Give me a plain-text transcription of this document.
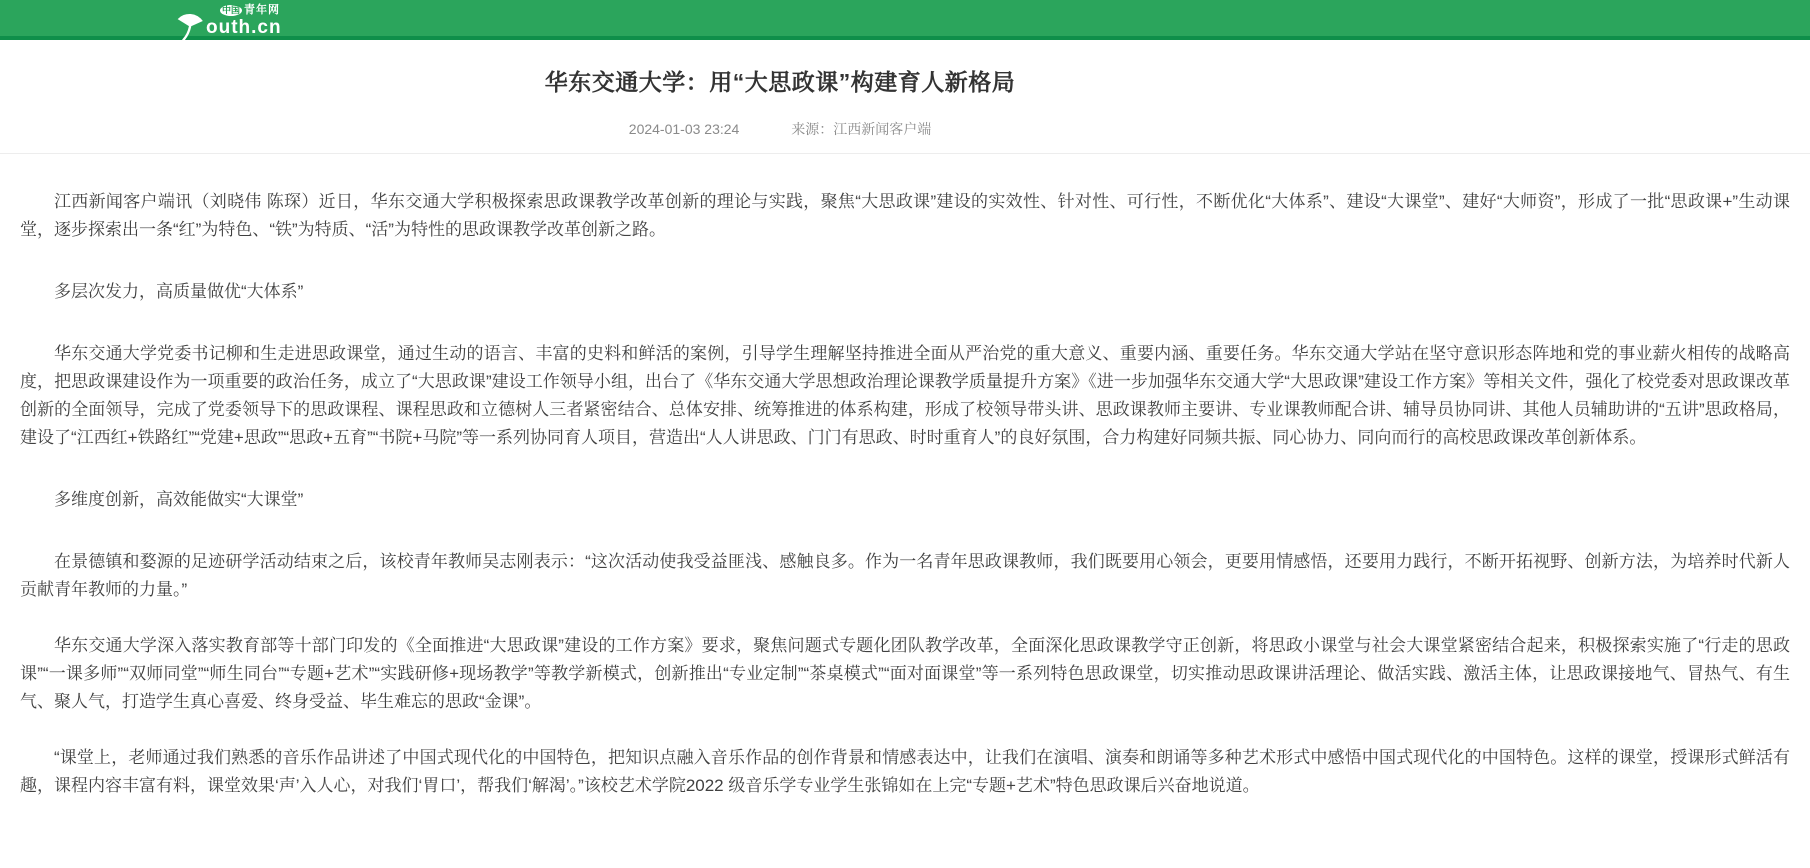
中国 青年网
outh.cn
华东交通大学：用“大思政课”构建育人新格局
2024-01-03 23:24	来源：江西新闻客户端

江西新闻客户端讯（刘晓伟 陈琛）近日，华东交通大学积极探索思政课教学改革创新的理论与实践，聚焦“大思政课”建设的实效性、针对性、可行性，不断优化“大体系”、建设“大课堂”、建好“大师资”，形成了一批“思政课+”生动课堂，逐步探索出一条“红”为特色、“铁”为特质、“活”为特性的思政课教学改革创新之路。

多层次发力，高质量做优“大体系”

华东交通大学党委书记柳和生走进思政课堂，通过生动的语言、丰富的史料和鲜活的案例，引导学生理解坚持推进全面从严治党的重大意义、重要内涵、重要任务。华东交通大学站在坚守意识形态阵地和党的事业薪火相传的战略高度，把思政课建设作为一项重要的政治任务，成立了“大思政课”建设工作领导小组，出台了《华东交通大学思想政治理论课教学质量提升方案》《进一步加强华东交通大学“大思政课”建设工作方案》等相关文件，强化了校党委对思政课改革创新的全面领导，完成了党委领导下的思政课程、课程思政和立德树人三者紧密结合、总体安排、统筹推进的体系构建，形成了校领导带头讲、思政课教师主要讲、专业课教师配合讲、辅导员协同讲、其他人员辅助讲的“五讲”思政格局，建设了“江西红+铁路红”“党建+思政”“思政+五育”“书院+马院”等一系列协同育人项目，营造出“人人讲思政、门门有思政、时时重育人”的良好氛围，合力构建好同频共振、同心协力、同向而行的高校思政课改革创新体系。

多维度创新，高效能做实“大课堂”

在景德镇和婺源的足迹研学活动结束之后，该校青年教师吴志刚表示：“这次活动使我受益匪浅、感触良多。作为一名青年思政课教师，我们既要用心领会，更要用情感悟，还要用力践行，不断开拓视野、创新方法，为培养时代新人贡献青年教师的力量。”

华东交通大学深入落实教育部等十部门印发的《全面推进“大思政课”建设的工作方案》要求，聚焦问题式专题化团队教学改革，全面深化思政课教学守正创新，将思政小课堂与社会大课堂紧密结合起来，积极探索实施了“行走的思政课”“一课多师”“双师同堂”“师生同台”“专题+艺术”“实践研修+现场教学”等教学新模式，创新推出“专业定制”“茶桌模式”“面对面课堂”等一系列特色思政课堂，切实推动思政课讲活理论、做活实践、激活主体，让思政课接地气、冒热气、有生气、聚人气，打造学生真心喜爱、终身受益、毕生难忘的思政“金课”。

“课堂上，老师通过我们熟悉的音乐作品讲述了中国式现代化的中国特色，把知识点融入音乐作品的创作背景和情感表达中，让我们在演唱、演奏和朗诵等多种艺术形式中感悟中国式现代化的中国特色。这样的课堂，授课形式鲜活有趣，课程内容丰富有料，课堂效果‘声’入人心，对我们‘胃口’，帮我们‘解渴’。”该校艺术学院2022 级音乐学专业学生张锦如在上完“专题+艺术”特色思政课后兴奋地说道。
